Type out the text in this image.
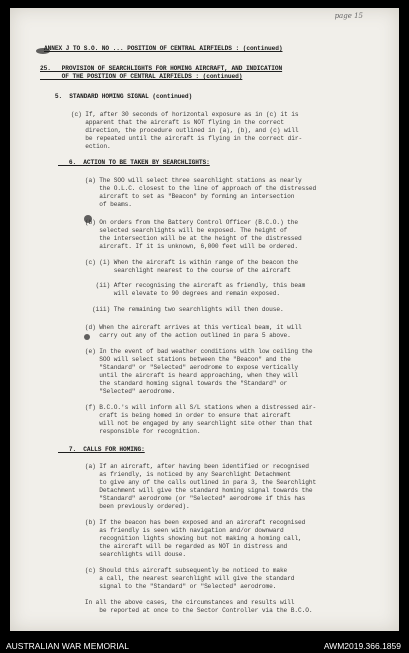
page 15
ANNEX J TO S.O. NO ... POSITION OF CENTRAL AIRFIELDS : (continued)
25.   PROVISION OF SEARCHLIGHTS FOR HOMING AIRCRAFT, AND INDICATION
OF THE POSITION OF CENTRAL AIRFIELDS : (continued)
5.  STANDARD HOMING SIGNAL (continued)
(c) If, after 30 seconds of horizontal exposure as in (c) it is
apparent that the aircraft is NOT flying in the correct
direction, the procedure outlined in (a), (b), and (c) will
be repeated until the aircraft is flying in the correct dir-
ection.
6.  ACTION TO BE TAKEN BY SEARCHLIGHTS:
(a) The SOO will select three searchlight stations as nearly
the O.L.C. closest to the line of approach of the distressed
aircraft to set as "Beacon" by forming an intersection
of beams.
(b) On orders from the Battery Control Officer (B.C.O.) the
selected searchlights will be exposed. The height of
the intersection will be at the height of the distressed
aircraft. If it is unknown, 6,000 feet will be ordered.
(c) (i) When the aircraft is within range of the beacon the
searchlight nearest to the course of the aircraft
(ii) After recognising the aircraft as friendly, this beam
will elevate to 90 degrees and remain exposed.
(iii) The remaining two searchlights will then douse.
(d) When the aircraft arrives at this vertical beam, it will
carry out any of the action outlined in para 5 above.
(e) In the event of bad weather conditions with low ceiling the
SOO will select stations between the "Beacon" and the
"Standard" or "Selected" aerodrome to expose vertically
until the aircraft is heard approaching, when they will
the standard homing signal towards the "Standard" or
"Selected" aerodrome.
(f) B.C.O.'s will inform all S/L stations when a distressed air-
craft is being homed in order to ensure that aircraft
will not be engaged by any searchlight site other than that
responsible for recognition.
7.  CALLS FOR HOMING:
(a) If an aircraft, after having been identified or recognised
as friendly, is noticed by any Searchlight Detachment
to give any of the calls outlined in para 3, the Searchlight
Detachment will give the standard homing signal towards the
"Standard" aerodrome (or "Selected" aerodrome if this has
been previously ordered).
(b) If the beacon has been exposed and an aircraft recognised
as friendly is seen with navigation and/or downward
recognition lights showing but not making a homing call,
the aircraft will be regarded as NOT in distress and
searchlights will douse.
(c) Should this aircraft subsequently be noticed to make
a call, the nearest searchlight will give the standard
signal to the "Standard" or "Selected" aerodrome.
In all the above cases, the circumstances and results will
be reported at once to the Sector Controller via the B.C.O.
AUSTRALIAN WAR MEMORIAL	AWM2019.366.1859
